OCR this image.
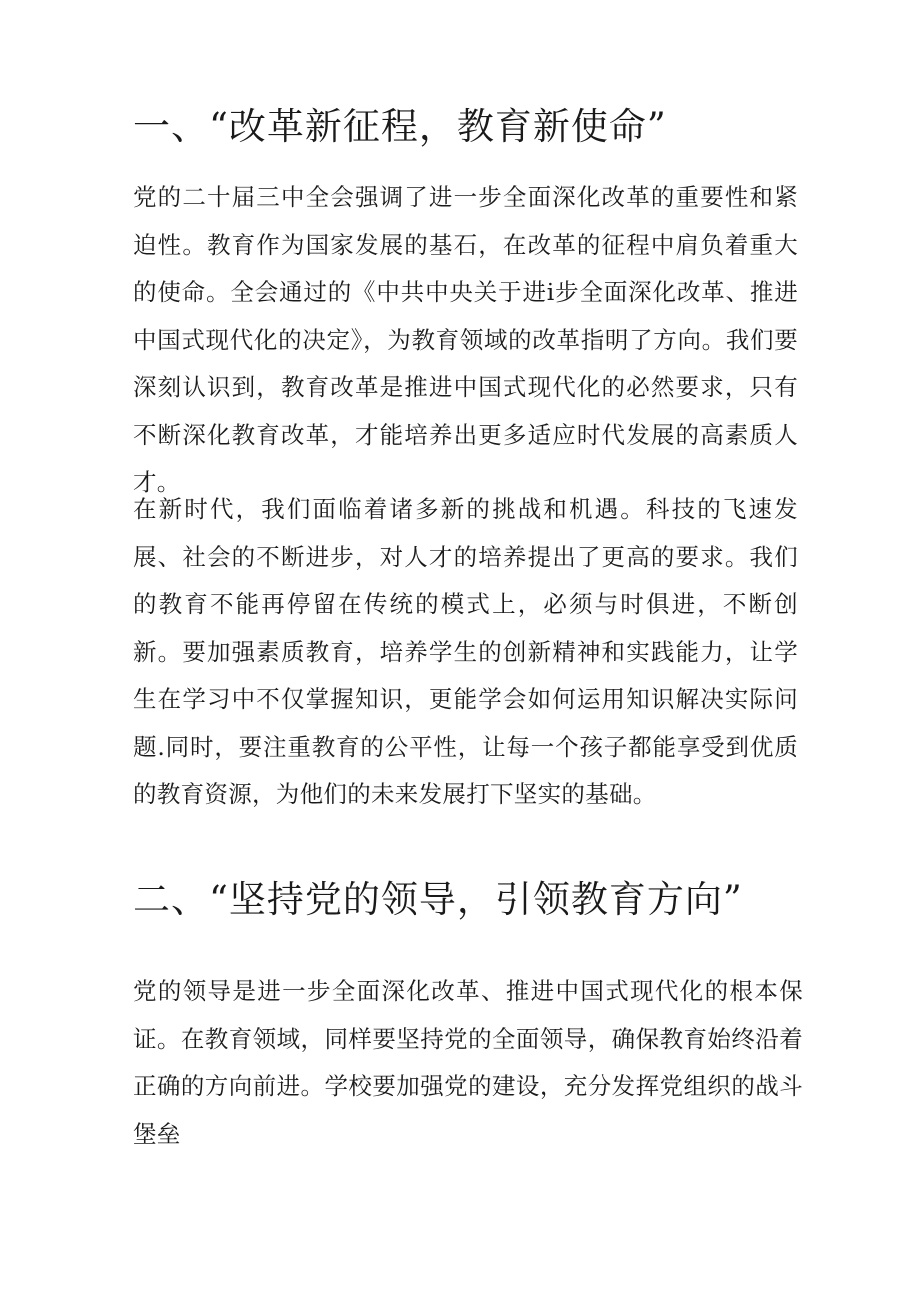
一、“改革新征程，教育新使命”

党的二十届三中全会强调了进一步全面深化改革的重要性和紧迫性。教育作为国家发展的基石，在改革的征程中肩负着重大的使命。全会通过的《中共中央关于进i步全面深化改革、推进中国式现代化的决定》，为教育领域的改革指明了方向。我们要深刻认识到，教育改革是推进中国式现代化的必然要求，只有不断深化教育改革，才能培养出更多适应时代发展的高素质人才。

在新时代，我们面临着诸多新的挑战和机遇。科技的飞速发展、社会的不断进步，对人才的培养提出了更高的要求。我们的教育不能再停留在传统的模式上，必须与时俱进，不断创新。要加强素质教育，培养学生的创新精神和实践能力，让学生在学习中不仅掌握知识，更能学会如何运用知识解决实际问题.同时，要注重教育的公平性，让每一个孩子都能享受到优质的教育资源，为他们的未来发展打下坚实的基础。

二、“坚持党的领导，引领教育方向”

党的领导是进一步全面深化改革、推进中国式现代化的根本保证。在教育领域，同样要坚持党的全面领导，确保教育始终沿着正确的方向前进。学校要加强党的建设，充分发挥党组织的战斗堡垒
